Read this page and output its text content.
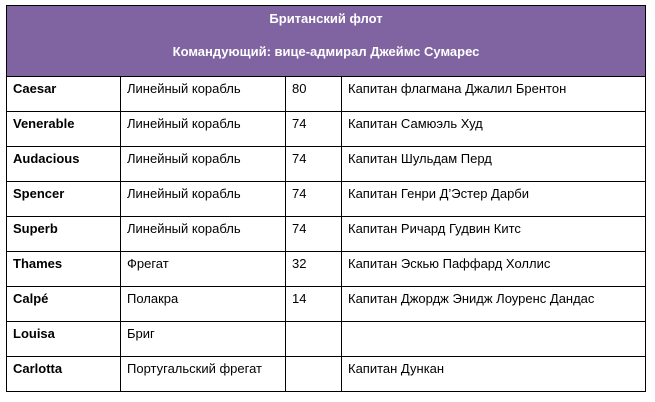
Британский флот
Командующий: вице-адмирал Джеймс Сумарес			

Caesar	Линейный корабль	80	Капитан флагмана Джалил Брентон
Venerable	Линейный корабль	74	Капитан Самюэль Худ
Audacious	Линейный корабль	74	Капитан Шульдам Перд
Spencer	Линейный корабль	74	Капитан Генри Д’Эстер Дарби
Superb	Линейный корабль	74	Капитан Ричард Гудвин Китс
Thames	Фрегат	32	Капитан Эскью Паффард Холлис
Calpé	Полакра	14	Капитан Джордж Энидж Лоуренс Дандас
Louisa	Бриг		
Carlotta	Португальский фрегат		Капитан Дункан
